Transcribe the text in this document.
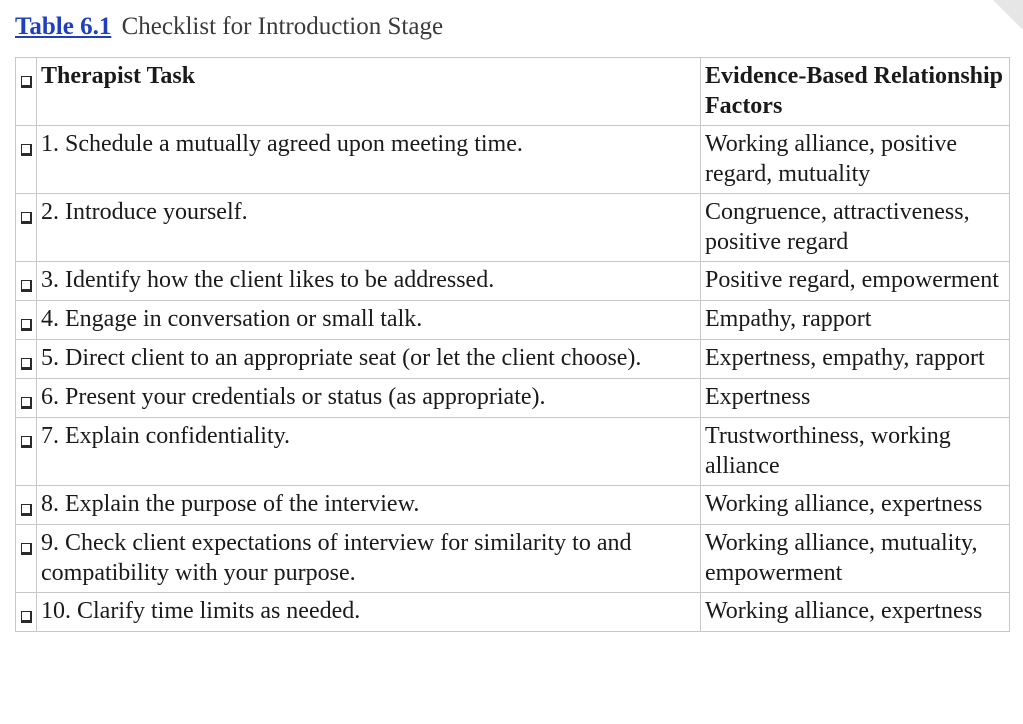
Table 6.1 Checklist for Introduction Stage
	Therapist Task	Evidence-Based Relationship Factors
	1. Schedule a mutually agreed upon meeting time.	Working alliance, positive regard, mutuality
	2. Introduce yourself.	Congruence, attractiveness, positive regard
	3. Identify how the client likes to be addressed.	Positive regard, empowerment
	4. Engage in conversation or small talk.	Empathy, rapport
	5. Direct client to an appropriate seat (or let the client choose).	Expertness, empathy, rapport
	6. Present your credentials or status (as appropriate).	Expertness
	7. Explain confidentiality.	Trustworthiness, working alliance
	8. Explain the purpose of the interview.	Working alliance, expertness
	9. Check client expectations of interview for similarity to and compatibility with your purpose.	Working alliance, mutuality, empowerment
	10. Clarify time limits as needed.	Working alliance, expertness
